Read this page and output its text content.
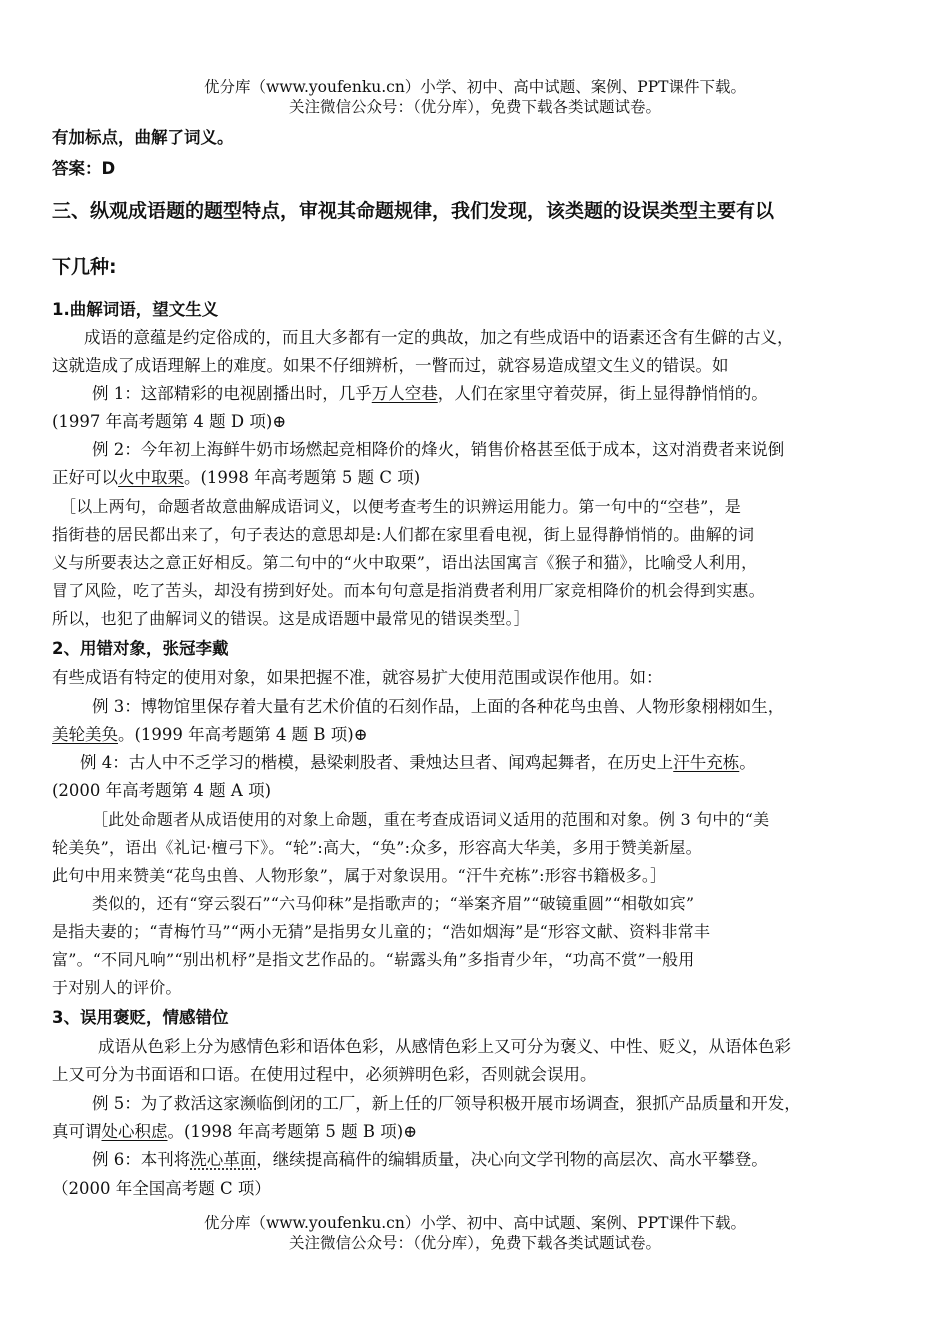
优分库（www.youfenku.cn）小学、初中、高中试题、案例、PPT课件下载。
关注微信公众号：（优分库），免费下载各类试题试卷。
有加标点，曲解了词义。
答案：D
三、纵观成语题的题型特点，审视其命题规律，我们发现，该类题的设误类型主要有以
下几种:
1.曲解词语，望文生义
成语的意蕴是约定俗成的，而且大多都有一定的典故，加之有些成语中的语素还含有生僻的古义，
这就造成了成语理解上的难度。如果不仔细辨析，一瞥而过，就容易造成望文生义的错误。如
例 1：这部精彩的电视剧播出时，几乎万人空巷，人们在家里守着荧屏，街上显得静悄悄的。
(1997 年高考题第 4 题 D 项)⊕
例 2：今年初上海鲜牛奶市场燃起竞相降价的烽火，销售价格甚至低于成本，这对消费者来说倒
正好可以火中取栗。(1998 年高考题第 5 题 C 项)
［以上两句，命题者故意曲解成语词义，以便考查考生的识辨运用能力。第一句中的“空巷”，是
指街巷的居民都出来了，句子表达的意思却是:人们都在家里看电视，街上显得静悄悄的。曲解的词
义与所要表达之意正好相反。第二句中的“火中取栗”，语出法国寓言《猴子和猫》，比喻受人利用，
冒了风险，吃了苦头，却没有捞到好处。而本句句意是指消费者利用厂家竞相降价的机会得到实惠。
所以，也犯了曲解词义的错误。这是成语题中最常见的错误类型。］
2、用错对象，张冠李戴
有些成语有特定的使用对象，如果把握不准，就容易扩大使用范围或误作他用。如：
例 3：博物馆里保存着大量有艺术价值的石刻作品，上面的各种花鸟虫兽、人物形象栩栩如生，
美轮美奂。(1999 年高考题第 4 题 B 项)⊕
例 4：古人中不乏学习的楷模，悬梁刺股者、秉烛达旦者、闻鸡起舞者，在历史上汗牛充栋。
(2000 年高考题第 4 题 A 项)
［此处命题者从成语使用的对象上命题，重在考查成语词义适用的范围和对象。例 3 句中的“美
轮美奂”，语出《礼记·檀弓下》。“轮”:高大，“奂”:众多，形容高大华美，多用于赞美新屋。
此句中用来赞美“花鸟虫兽、人物形象”，属于对象误用。“汗牛充栋”:形容书籍极多。］
类似的，还有“穿云裂石”“六马仰秣”是指歌声的；“举案齐眉”“破镜重圆”“相敬如宾”
是指夫妻的；“青梅竹马”“两小无猜”是指男女儿童的；“浩如烟海”是“形容文献、资料非常丰
富”。“不同凡响”“别出机杼”是指文艺作品的。“崭露头角”多指青少年，“功高不赏”一般用
于对别人的评价。
3、误用褒贬，情感错位
成语从色彩上分为感情色彩和语体色彩，从感情色彩上又可分为褒义、中性、贬义，从语体色彩
上又可分为书面语和口语。在使用过程中，必须辨明色彩，否则就会误用。
例 5：为了救活这家濒临倒闭的工厂，新上任的厂领导积极开展市场调查，狠抓产品质量和开发，
真可谓处心积虑。(1998 年高考题第 5 题 B 项)⊕
例 6：本刊将洗心革面，继续提高稿件的编辑质量，决心向文学刊物的高层次、高水平攀登。
（2000 年全国高考题 C 项）
优分库（www.youfenku.cn）小学、初中、高中试题、案例、PPT课件下载。
关注微信公众号：（优分库），免费下载各类试题试卷。
